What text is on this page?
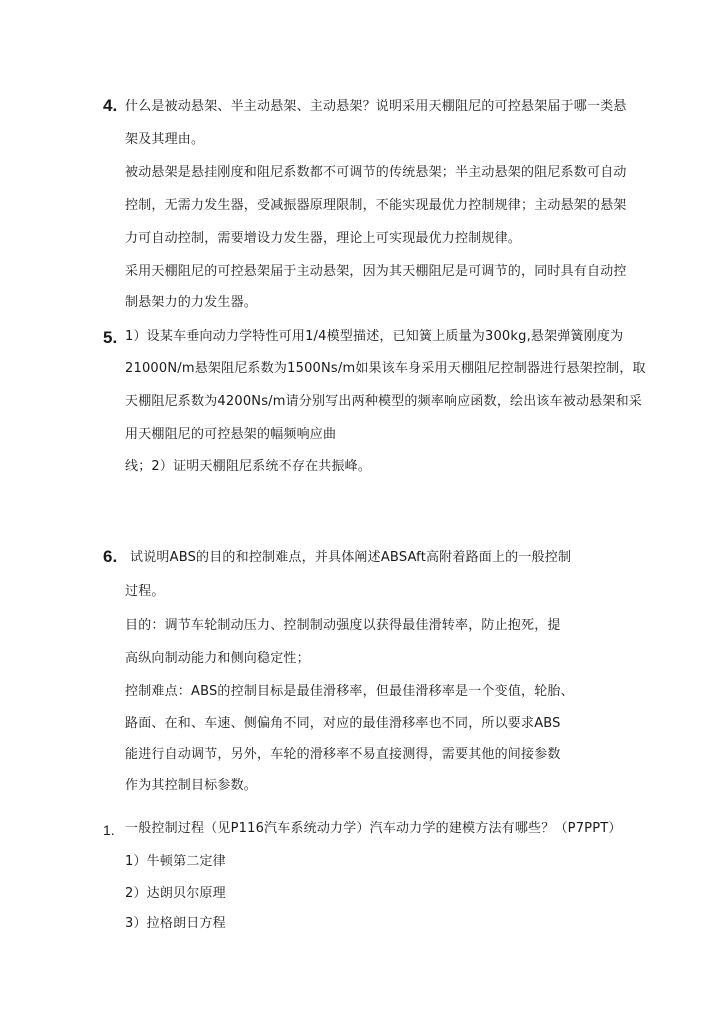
4. 什么是被动悬架、半主动悬架、主动悬架？说明采用天棚阻尼的可控悬架届于哪一类悬
架及其理由。
被动悬架是悬挂刚度和阻尼系数都不可调节的传统悬架；半主动悬架的阻尼系数可自动
控制，无需力发生器，受减振器原理限制，不能实现最优力控制规律；主动悬架的悬架
力可自动控制，需要增设力发生器，理论上可实现最优力控制规律。
采用天棚阻尼的可控悬架届于主动悬架，因为其天棚阻尼是可调节的，同时具有自动控
制悬架力的力发生器。
5. 1）设某车垂向动力学特性可用1/4模型描述，已知簧上质量为300kg,悬架弹簧刚度为
21000N/m悬架阻尼系数为1500Ns/m如果该车身采用天棚阻尼控制器进行悬架控制，取
天棚阻尼系数为4200Ns/m请分别写出两种模型的频率响应函数，绘出该车被动悬架和采
用天棚阻尼的可控悬架的幅频响应曲
线；2）证明天棚阻尼系统不存在共振峰。
6. 试说明ABS的目的和控制难点，并具体阐述ABSAft高附着路面上的一般控制
过程。
目的：调节车轮制动压力、控制制动强度以获得最佳滑转率，防止抱死，提
高纵向制动能力和侧向稳定性；
控制难点：ABS的控制目标是最佳滑移率，但最佳滑移率是一个变值，轮胎、
路面、在和、车速、侧偏角不同，对应的最佳滑移率也不同，所以要求ABS
能进行自动调节，另外，车轮的滑移率不易直接测得，需要其他的间接参数
作为其控制目标参数。
1. 一般控制过程（见P116汽车系统动力学）汽车动力学的建模方法有哪些？（P7PPT）
1）牛顿第二定律
2）达朗贝尔原理
3）拉格朗日方程
